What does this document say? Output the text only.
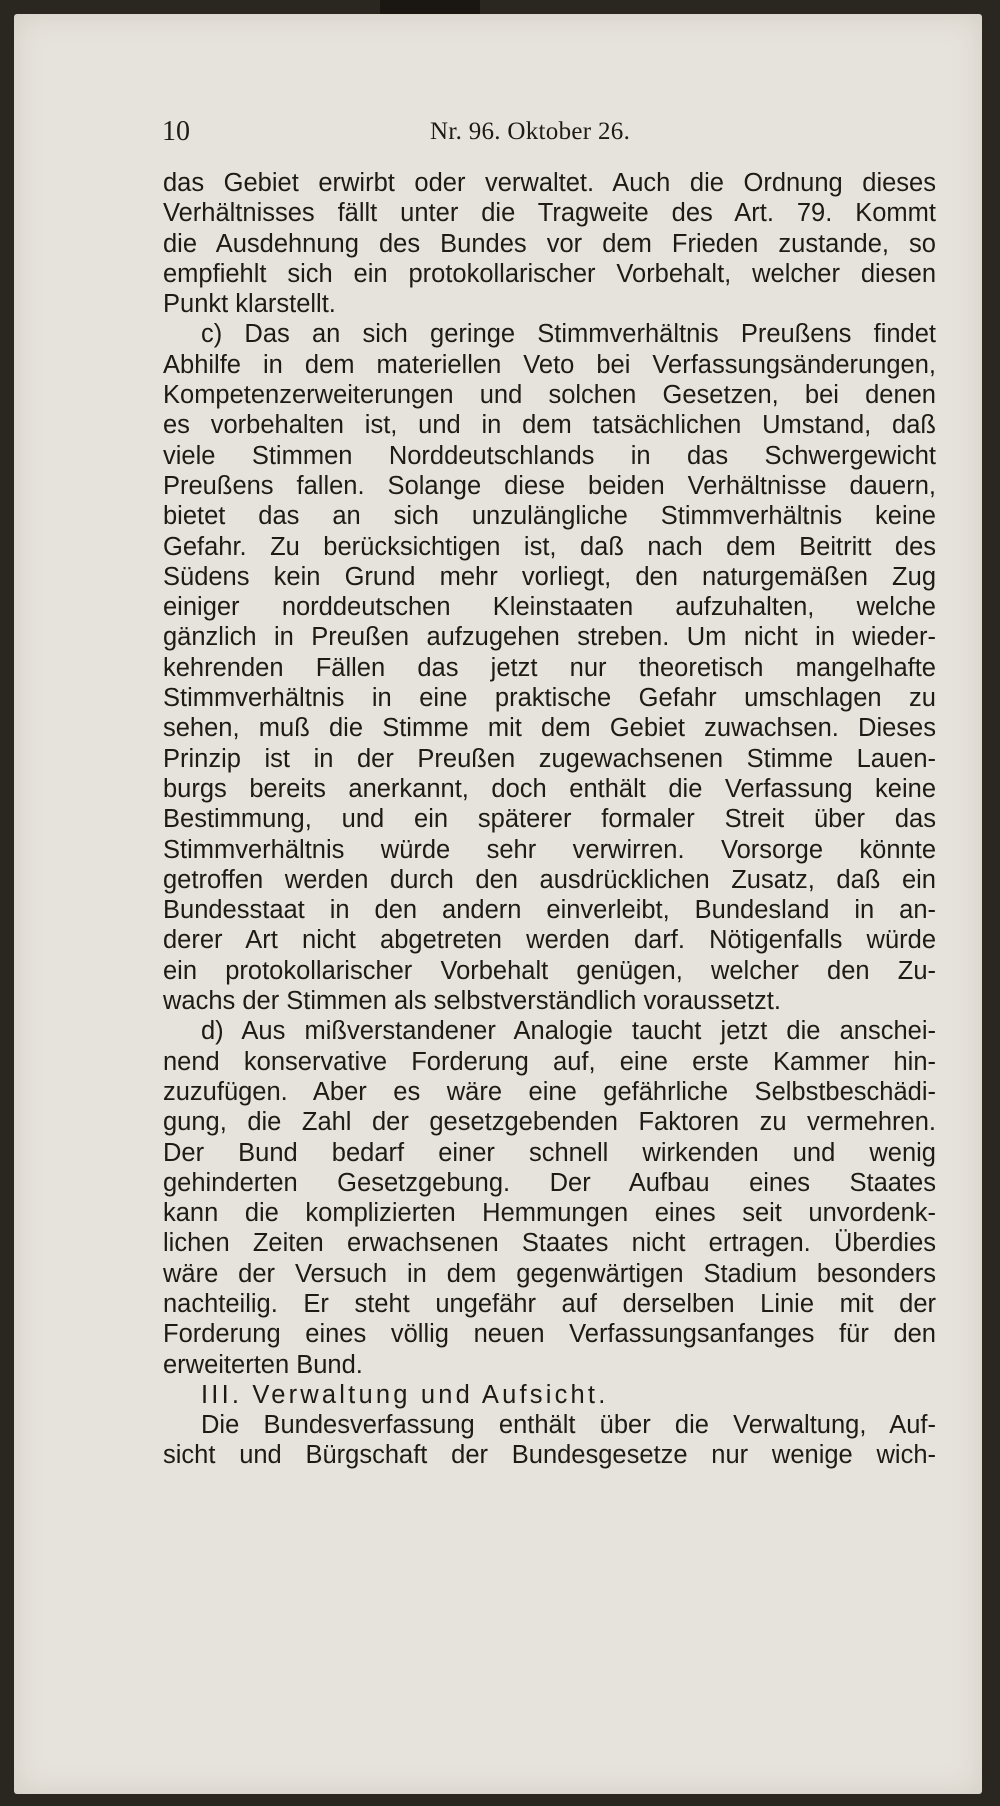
10	Nr. 96. Oktober 26.
das Gebiet erwirbt oder verwaltet. Auch die Ordnung dieses
Verhältnisses fällt unter die Tragweite des Art. 79. Kommt
die Ausdehnung des Bundes vor dem Frieden zustande, so
empfiehlt sich ein protokollarischer Vorbehalt, welcher diesen
Punkt klarstellt.
c) Das an sich geringe Stimmverhältnis Preußens findet
Abhilfe in dem materiellen Veto bei Verfassungsänderungen,
Kompetenzerweiterungen und solchen Gesetzen, bei denen
es vorbehalten ist, und in dem tatsächlichen Umstand, daß
viele Stimmen Norddeutschlands in das Schwergewicht
Preußens fallen. Solange diese beiden Verhältnisse dauern,
bietet das an sich unzulängliche Stimmverhältnis keine
Gefahr. Zu berücksichtigen ist, daß nach dem Beitritt des
Südens kein Grund mehr vorliegt, den naturgemäßen Zug
einiger norddeutschen Kleinstaaten aufzuhalten, welche
gänzlich in Preußen aufzugehen streben. Um nicht in wieder-
kehrenden Fällen das jetzt nur theoretisch mangelhafte
Stimmverhältnis in eine praktische Gefahr umschlagen zu
sehen, muß die Stimme mit dem Gebiet zuwachsen. Dieses
Prinzip ist in der Preußen zugewachsenen Stimme Lauen-
burgs bereits anerkannt, doch enthält die Verfassung keine
Bestimmung, und ein späterer formaler Streit über das
Stimmverhältnis würde sehr verwirren. Vorsorge könnte
getroffen werden durch den ausdrücklichen Zusatz, daß ein
Bundesstaat in den andern einverleibt, Bundesland in an-
derer Art nicht abgetreten werden darf. Nötigenfalls würde
ein protokollarischer Vorbehalt genügen, welcher den Zu-
wachs der Stimmen als selbstverständlich voraussetzt.
d) Aus mißverstandener Analogie taucht jetzt die anschei-
nend konservative Forderung auf, eine erste Kammer hin-
zuzufügen. Aber es wäre eine gefährliche Selbstbeschädi-
gung, die Zahl der gesetzgebenden Faktoren zu vermehren.
Der Bund bedarf einer schnell wirkenden und wenig
gehinderten Gesetzgebung. Der Aufbau eines Staates
kann die komplizierten Hemmungen eines seit unvordenk-
lichen Zeiten erwachsenen Staates nicht ertragen. Überdies
wäre der Versuch in dem gegenwärtigen Stadium besonders
nachteilig. Er steht ungefähr auf derselben Linie mit der
Forderung eines völlig neuen Verfassungsanfanges für den
erweiterten Bund.
III. Verwaltung und Aufsicht.
Die Bundesverfassung enthält über die Verwaltung, Auf-
sicht und Bürgschaft der Bundesgesetze nur wenige wich-
